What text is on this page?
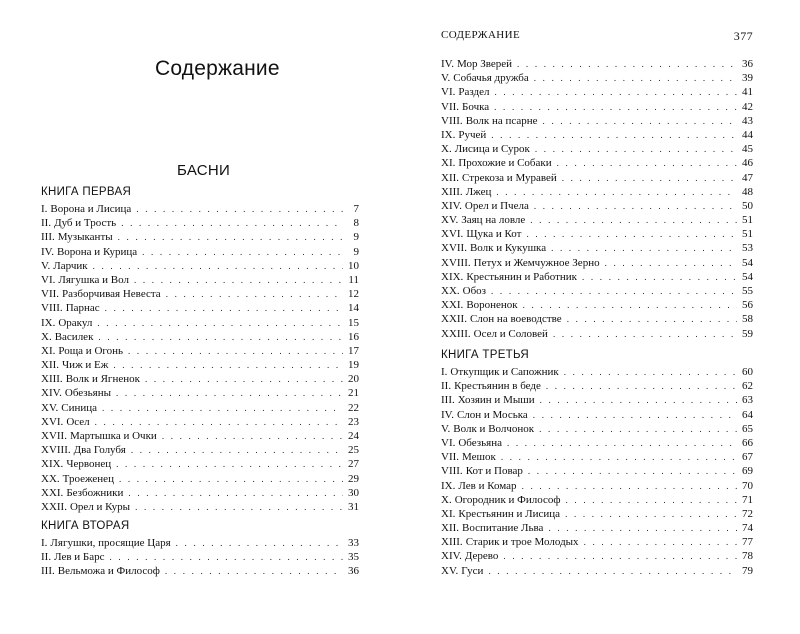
Содержание
БАСНИ
КНИГА ПЕРВАЯ
I. Ворона и Лисица . . .	7
II. Дуб и Трость . . .	8
III. Музыканты . . .	9
IV. Ворона и Курица . . .	9
V. Ларчик . . .	10
VI. Лягушка и Вол . . .	11
VII. Разборчивая Невеста . . .	12
VIII. Парнас . . .	14
IX. Оракул . . .	15
X. Василек . . .	16
XI. Роща и Огонь . . .	17
XII. Чиж и Еж . . .	19
XIII. Волк и Ягненок . . .	20
XIV. Обезьяны . . .	21
XV. Синица . . .	22
XVI. Осел . . .	23
XVII. Мартышка и Очки . . .	24
XVIII. Два Голубя . . .	25
XIX. Червонец . . .	27
XX. Троеженец . . .	29
XXI. Безбожники . . .	30
XXII. Орел и Куры . . .	31
КНИГА ВТОРАЯ
I. Лягушки, просящие Царя . . .	33
II. Лев и Барс . . .	35
III. Вельможа и Философ . . .	36
СОДЕРЖАНИЕ	377
IV. Мор Зверей . . .	36
V. Собачья дружба . . .	39
VI. Раздел . . .	41
VII. Бочка . . .	42
VIII. Волк на псарне . . .	43
IX. Ручей . . .	44
X. Лисица и Сурок . . .	45
XI. Прохожие и Собаки . . .	46
XII. Стрекоза и Муравей . . .	47
XIII. Лжец . . .	48
XIV. Орел и Пчела . . .	50
XV. Заяц на ловле . . .	51
XVI. Щука и Кот . . .	51
XVII. Волк и Кукушка . . .	53
XVIII. Петух и Жемчужное Зерно . . .	54
XIX. Крестьянин и Работник . . .	54
XX. Обоз . . .	55
XXI. Вороненок . . .	56
XXII. Слон на воеводстве . . .	58
XXIII. Осел и Соловей . . .	59
КНИГА ТРЕТЬЯ
I. Откупщик и Сапожник . . .	60
II. Крестьянин в беде . . .	62
III. Хозяин и Мыши . . .	63
IV. Слон и Моська . . .	64
V. Волк и Волчонок . . .	65
VI. Обезьяна . . .	66
VII. Мешок . . .	67
VIII. Кот и Повар . . .	69
IX. Лев и Комар . . .	70
X. Огородник и Философ . . .	71
XI. Крестьянин и Лисица . . .	72
XII. Воспитание Льва . . .	74
XIII. Старик и трое Молодых . . .	77
XIV. Дерево . . .	78
XV. Гуси . . .	79
